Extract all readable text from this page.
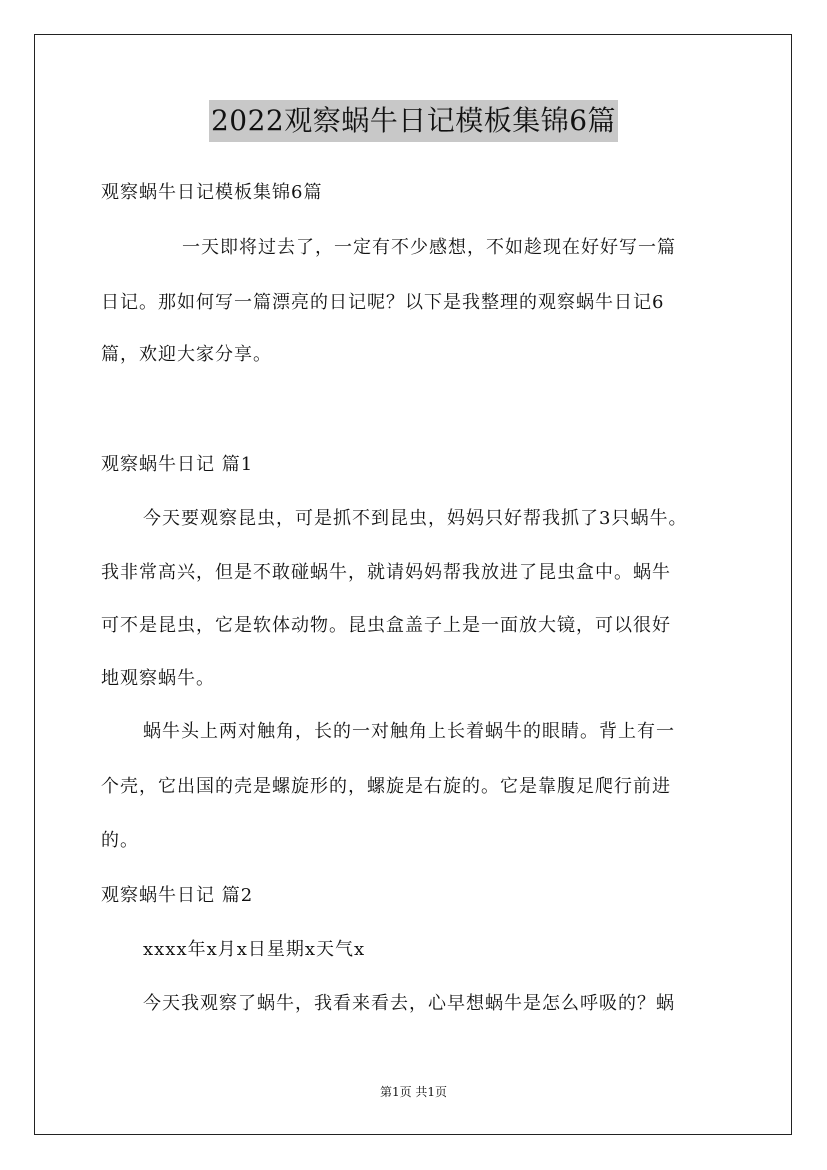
2022观察蜗牛日记模板集锦6篇
观察蜗牛日记模板集锦6篇
一天即将过去了，一定有不少感想，不如趁现在好好写一篇
日记。那如何写一篇漂亮的日记呢？以下是我整理的观察蜗牛日记6
篇，欢迎大家分享。
观察蜗牛日记 篇1
今天要观察昆虫，可是抓不到昆虫，妈妈只好帮我抓了3只蜗牛。
我非常高兴，但是不敢碰蜗牛，就请妈妈帮我放进了昆虫盒中。蜗牛
可不是昆虫，它是软体动物。昆虫盒盖子上是一面放大镜，可以很好
地观察蜗牛。
蜗牛头上两对触角，长的一对触角上长着蜗牛的眼睛。背上有一
个壳，它出国的壳是螺旋形的，螺旋是右旋的。它是靠腹足爬行前进
的。
观察蜗牛日记 篇2
xxxx年x月x日星期x天气x
今天我观察了蜗牛，我看来看去，心早想蜗牛是怎么呼吸的？蜗
第1页 共1页
